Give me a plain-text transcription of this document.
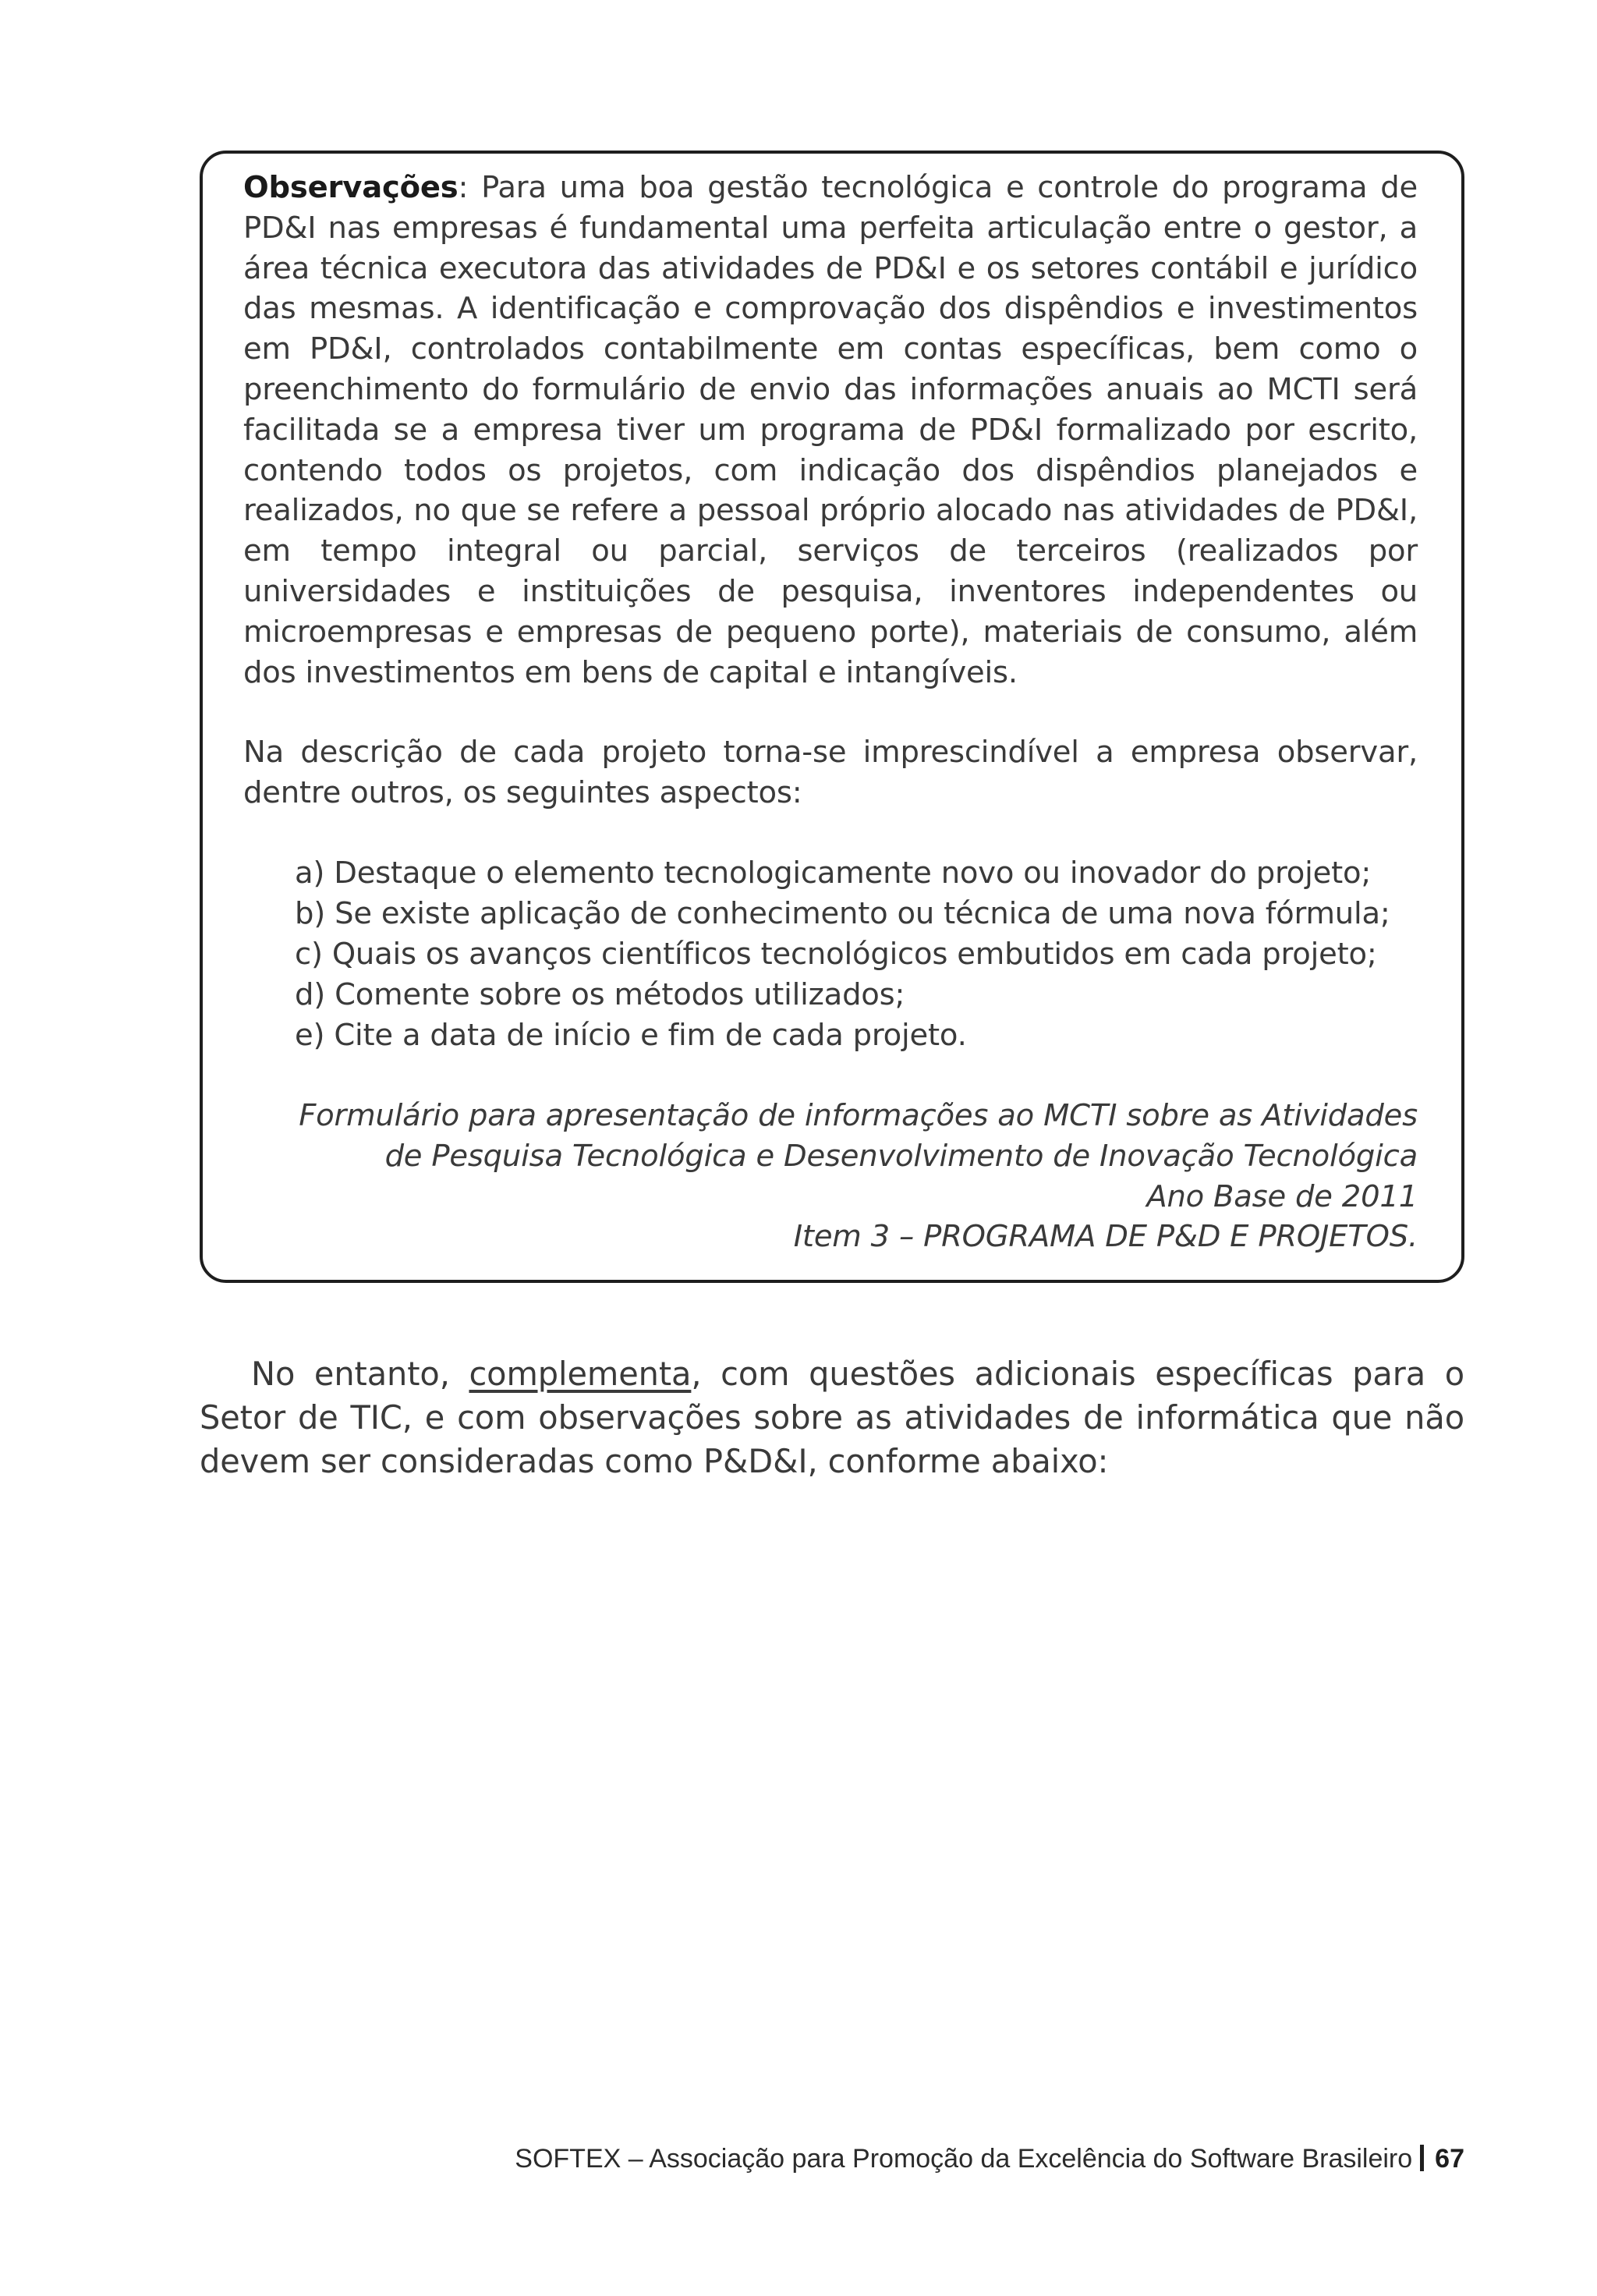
Observações: Para uma boa gestão tecnológica e controle do programa de PD&I nas empresas é fundamental uma perfeita articulação entre o gestor, a área técnica executora das atividades de PD&I e os setores contábil e jurídico das mesmas. A identificação e comprovação dos dispêndios e investimentos em PD&I, controlados contabilmente em contas específicas, bem como o preenchimento do formulário de envio das informações anuais ao MCTI será facilitada se a empresa tiver um programa de PD&I formalizado por escrito, contendo todos os projetos, com indicação dos dispêndios planejados e realizados, no que se refere a pessoal próprio alocado nas atividades de PD&I, em tempo integral ou parcial, serviços de terceiros (realizados por universidades e instituições de pesquisa, inventores independentes ou microempresas e empresas de pequeno porte), materiais de consumo, além dos investimentos em bens de capital e intangíveis.

Na descrição de cada projeto torna-se imprescindível a empresa observar, dentre outros, os seguintes aspectos:

a) Destaque o elemento tecnologicamente novo ou inovador do projeto;
b) Se existe aplicação de conhecimento ou técnica de uma nova fórmula;
c) Quais os avanços científicos tecnológicos embutidos em cada projeto;
d) Comente sobre os métodos utilizados;
e) Cite a data de início e fim de cada projeto.
Formulário para apresentação de informações ao MCTI sobre as Atividades
de Pesquisa Tecnológica e Desenvolvimento de Inovação Tecnológica
Ano Base de 2011
Item 3 – PROGRAMA DE P&D E PROJETOS.

No entanto, complementa, com questões adicionais específicas para o Setor de TIC, e com observações sobre as atividades de informática que não devem ser consideradas como P&D&I, conforme abaixo:

SOFTEX – Associação para Promoção da Excelência do Software Brasileiro 67
